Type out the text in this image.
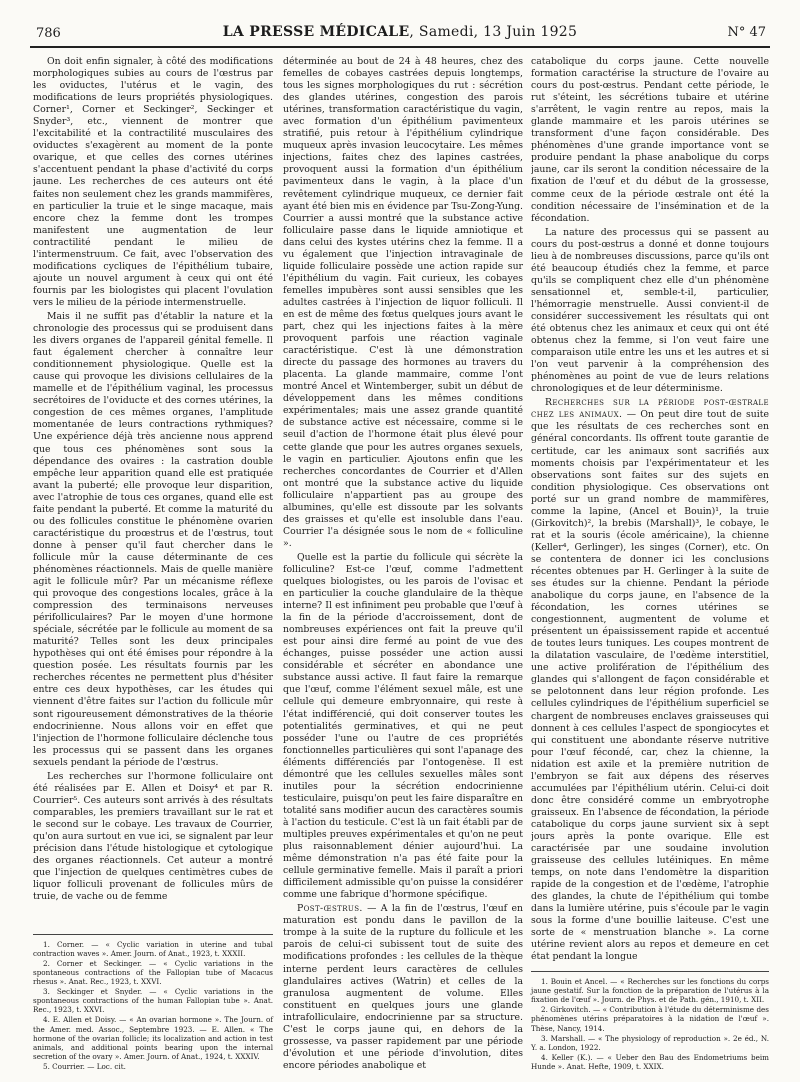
786	LA PRESSE MÉDICALE, Samedi, 13 Juin 1925	N° 47

On doit enfin signaler, à côté des modifications morphologiques subies au cours de l'œstrus par les oviductes, l'utérus et le vagin, des modifications de leurs propriétés physiologiques. Corner¹, Corner et Seckinger², Seckinger et Snyder³, etc., viennent de montrer que l'excitabilité et la contractilité musculaires des oviductes s'exagèrent au moment de la ponte ovarique, et que celles des cornes utérines s'accentuent pendant la phase d'activité du corps jaune. Les recherches de ces auteurs ont été faites non seulement chez les grands mammifères, en particulier la truie et le singe macaque, mais encore chez la femme dont les trompes manifestent une augmentation de leur contractilité pendant le milieu de l'intermenstruum. Ce fait, avec l'observation des modifications cycliques de l'épithélium tubaire, ajoute un nouvel argument à ceux qui ont été fournis par les biologistes qui placent l'ovulation vers le milieu de la période intermenstruelle.

Mais il ne suffit pas d'établir la nature et la chronologie des processus qui se produisent dans les divers organes de l'appareil génital femelle. Il faut également chercher à connaître leur conditionnement physiologique. Quelle est la cause qui provoque les divisions cellulaires de la mamelle et de l'épithélium vaginal, les processus secrétoires de l'oviducte et des cornes utérines, la congestion de ces mêmes organes, l'amplitude momentanée de leurs contractions rythmiques? Une expérience déjà très ancienne nous apprend que tous ces phénomènes sont sous la dépendance des ovaires : la castration double empêche leur apparition quand elle est pratiquée avant la puberté; elle provoque leur disparition, avec l'atrophie de tous ces organes, quand elle est faite pendant la puberté. Et comme la maturité du ou des follicules constitue le phénomène ovarien caractéristique du proœstrus et de l'œstrus, tout donne à penser qu'il faut chercher dans le follicule mûr la cause déterminante de ces phénomènes réactionnels. Mais de quelle manière agit le follicule mûr? Par un mécanisme réflexe qui provoque des congestions locales, grâce à la compression des terminaisons nerveuses périfolliculaires? Par le moyen d'une hormone spéciale, sécrétée par le follicule au moment de sa maturité? Telles sont les deux principales hypothèses qui ont été émises pour répondre à la question posée. Les résultats fournis par les recherches récentes ne permettent plus d'hésiter entre ces deux hypothèses, car les études qui viennent d'être faites sur l'action du follicule mûr sont rigoureusement démonstratives de la théorie endocrinienne. Nous allons voir en effet que l'injection de l'hormone folliculaire déclenche tous les processus qui se passent dans les organes sexuels pendant la période de l'œstrus.

Les recherches sur l'hormone folliculaire ont été réalisées par E. Allen et Doisy⁴ et par R. Courrier⁵. Ces auteurs sont arrivés à des résultats comparables, les premiers travaillant sur le rat et le second sur le cobaye. Les travaux de Courrier, qu'on aura surtout en vue ici, se signalent par leur précision dans l'étude histologique et cytologique des organes réactionnels. Cet auteur a montré que l'injection de quelques centimètres cubes de liquor folliculi provenant de follicules mûrs de truie, de vache ou de femme

déterminée au bout de 24 à 48 heures, chez des femelles de cobayes castrées depuis longtemps, tous les signes morphologiques du rut : sécrétion des glandes utérines, congestion des parois utérines, transformation caractéristique du vagin, avec formation d'un épithélium pavimenteux stratifié, puis retour à l'épithélium cylindrique muqueux après invasion leucocytaire. Les mêmes injections, faites chez des lapines castrées, provoquent aussi la formation d'un épithélium pavimenteux dans le vagin, à la place d'un revêtement cylindrique muqueux, ce dernier fait ayant été bien mis en évidence par Tsu-Zong-Yung. Courrier a aussi montré que la substance active folliculaire passe dans le liquide amniotique et dans celui des kystes utérins chez la femme. Il a vu également que l'injection intravaginale de liquide folliculaire possède une action rapide sur l'épithélium du vagin. Fait curieux, les cobayes femelles impubères sont aussi sensibles que les adultes castrées à l'injection de liquor folliculi. Il en est de même des fœtus quelques jours avant le part, chez qui les injections faites à la mère provoquent parfois une réaction vaginale caractéristique. C'est là une démonstration directe du passage des hormones au travers du placenta. La glande mammaire, comme l'ont montré Ancel et Wintemberger, subit un début de développement dans les mêmes conditions expérimentales; mais une assez grande quantité de substance active est nécessaire, comme si le seuil d'action de l'hormone était plus élevé pour cette glande que pour les autres organes sexuels, le vagin en particulier. Ajoutons enfin que les recherches concordantes de Courrier et d'Allen ont montré que la substance active du liquide folliculaire n'appartient pas au groupe des albumines, qu'elle est dissoute par les solvants des graisses et qu'elle est insoluble dans l'eau. Courrier l'a désignée sous le nom de « folliculine ».

Quelle est la partie du follicule qui sécrète la folliculine? Est-ce l'œuf, comme l'admettent quelques biologistes, ou les parois de l'ovisac et en particulier la couche glandulaire de la thèque interne? Il est infiniment peu probable que l'œuf à la fin de la période d'accroissement, dont de nombreuses expériences ont fait la preuve qu'il est pour ainsi dire fermé au point de vue des échanges, puisse posséder une action aussi considérable et sécréter en abondance une substance aussi active. Il faut faire la remarque que l'œuf, comme l'élément sexuel mâle, est une cellule qui demeure embryonnaire, qui reste à l'état indifférencié, qui doit conserver toutes les potentialités germinatives, et qui ne peut posséder l'une ou l'autre de ces propriétés fonctionnelles particulières qui sont l'apanage des éléments différenciés par l'ontogenèse. Il est démontré que les cellules sexuelles mâles sont inutiles pour la sécrétion endocrinienne testiculaire, puisqu'on peut les faire disparaître en totalité sans modifier aucun des caractères soumis à l'action du testicule. C'est là un fait établi par de multiples preuves expérimentales et qu'on ne peut plus raisonnablement dénier aujourd'hui. La même démonstration n'a pas été faite pour la cellule germinative femelle. Mais il paraît a priori difficilement admissible qu'on puisse la considérer comme une fabrique d'hormone spécifique.

Post-œstrus. — A la fin de l'œstrus, l'œuf en maturation est pondu dans le pavillon de la trompe à la suite de la rupture du follicule et les parois de celui-ci subissent tout de suite des modifications profondes : les cellules de la thèque interne perdent leurs caractères de cellules glandulaires actives (Watrin) et celles de la granulosa augmentent de volume. Elles constituent en quelques jours une glande intrafolliculaire, endocrinienne par sa structure. C'est le corps jaune qui, en dehors de la grossesse, va passer rapidement par une période d'évolution et une période d'involution, dites encore périodes anabolique et

catabolique du corps jaune. Cette nouvelle formation caractérise la structure de l'ovaire au cours du post-œstrus. Pendant cette période, le rut s'éteint, les sécrétions tubaire et utérine s'arrêtent, le vagin rentre au repos, mais la glande mammaire et les parois utérines se transforment d'une façon considérable. Des phénomènes d'une grande importance vont se produire pendant la phase anabolique du corps jaune, car ils seront la condition nécessaire de la fixation de l'œuf et du début de la grossesse, comme ceux de la période œstrale ont été la condition nécessaire de l'insémination et de la fécondation.

La nature des processus qui se passent au cours du post-œstrus a donné et donne toujours lieu à de nombreuses discussions, parce qu'ils ont été beaucoup étudiés chez la femme, et parce qu'ils se compliquent chez elle d'un phénomène sensationnel et, semble-t-il, particulier, l'hémorragie menstruelle. Aussi convient-il de considérer successivement les résultats qui ont été obtenus chez les animaux et ceux qui ont été obtenus chez la femme, si l'on veut faire une comparaison utile entre les uns et les autres et si l'on veut parvenir à la compréhension des phénomènes au point de vue de leurs relations chronologiques et de leur déterminisme.

Recherches sur la période post-œstrale chez les animaux. — On peut dire tout de suite que les résultats de ces recherches sont en général concordants. Ils offrent toute garantie de certitude, car les animaux sont sacrifiés aux moments choisis par l'expérimentateur et les observations sont faites sur des sujets en condition physiologique. Ces observations ont porté sur un grand nombre de mammifères, comme la lapine, (Ancel et Bouin)¹, la truie (Girkovitch)², la brebis (Marshall)³, le cobaye, le rat et la souris (école américaine), la chienne (Keller⁴, Gerlinger), les singes (Corner), etc. On se contentera de donner ici les conclusions récentes obtenues par H. Gerlinger à la suite de ses études sur la chienne. Pendant la période anabolique du corps jaune, en l'absence de la fécondation, les cornes utérines se congestionnent, augmentent de volume et présentent un épaississement rapide et accentué de toutes leurs tuniques. Les coupes montrent de la dilatation vasculaire, de l'œdème interstitiel, une active prolifération de l'épithélium des glandes qui s'allongent de façon considérable et se pelotonnent dans leur région profonde. Les cellules cylindriques de l'épithélium superficiel se chargent de nombreuses enclaves graisseuses qui donnent à ces cellules l'aspect de spongiocytes et qui constituent une abondante réserve nutritive pour l'œuf fécondé, car, chez la chienne, la nidation est axile et la première nutrition de l'embryon se fait aux dépens des réserves accumulées par l'épithélium utérin. Celui-ci doit donc être considéré comme un embryotrophe graisseux. En l'absence de fécondation, la période catabolique du corps jaune survient six à sept jours après la ponte ovarique. Elle est caractérisée par une soudaine involution graisseuse des cellules lutéiniques. En même temps, on note dans l'endomètre la disparition rapide de la congestion et de l'œdème, l'atrophie des glandes, la chute de l'épithélium qui tombe dans la lumière utérine, puis s'écoule par le vagin sous la forme d'une bouillie laiteuse. C'est une sorte de « menstruation blanche ». La corne utérine revient alors au repos et demeure en cet état pendant la longue

1. Corner. — « Cyclic variation in uterine and tubal contraction waves ». Amer. Journ. of Anat., 1923, t. XXXII.

2. Corner et Seckinger. — « Cyclic variations in the spontaneous contractions of the Fallopian tube of Macacus rhesus ». Anat. Rec., 1923, t. XXVI.

3. Seckinger et Snyder. — « Cyclic variations in the spontaneous contractions of the human Fallopian tube ». Anat. Rec., 1923, t. XXVI.

4. E. Allen et Doisy. — « An ovarian hormone ». The Journ. of the Amer. med. Assoc., Septembre 1923. — E. Allen. « The hormone of the ovarian follicle; its localization and action in test animals, and additional points bearing upon the internal secretion of the ovary ». Amer. Journ. of Anat., 1924, t. XXXIV.

5. Courrier. — Loc. cit.

1. Bouin et Ancel. — « Recherches sur les fonctions du corps jaune gestatif. Sur la fonction de la préparation de l'utérus à la fixation de l'œuf ». Journ. de Phys. et de Path. gén., 1910, t. XII.

2. Girkovitch. — « Contribution à l'étude du déterminisme des phénomènes utérins préparatoires à la nidation de l'œuf ». Thèse, Nancy, 1914.

3. Marshall. — « The physiology of reproduction ». 2e éd., N. Y. a. London, 1922.

4. Keller (K.). — « Ueber den Bau des Endometriums beim Hunde ». Anat. Hefte, 1909, t. XXIX.
